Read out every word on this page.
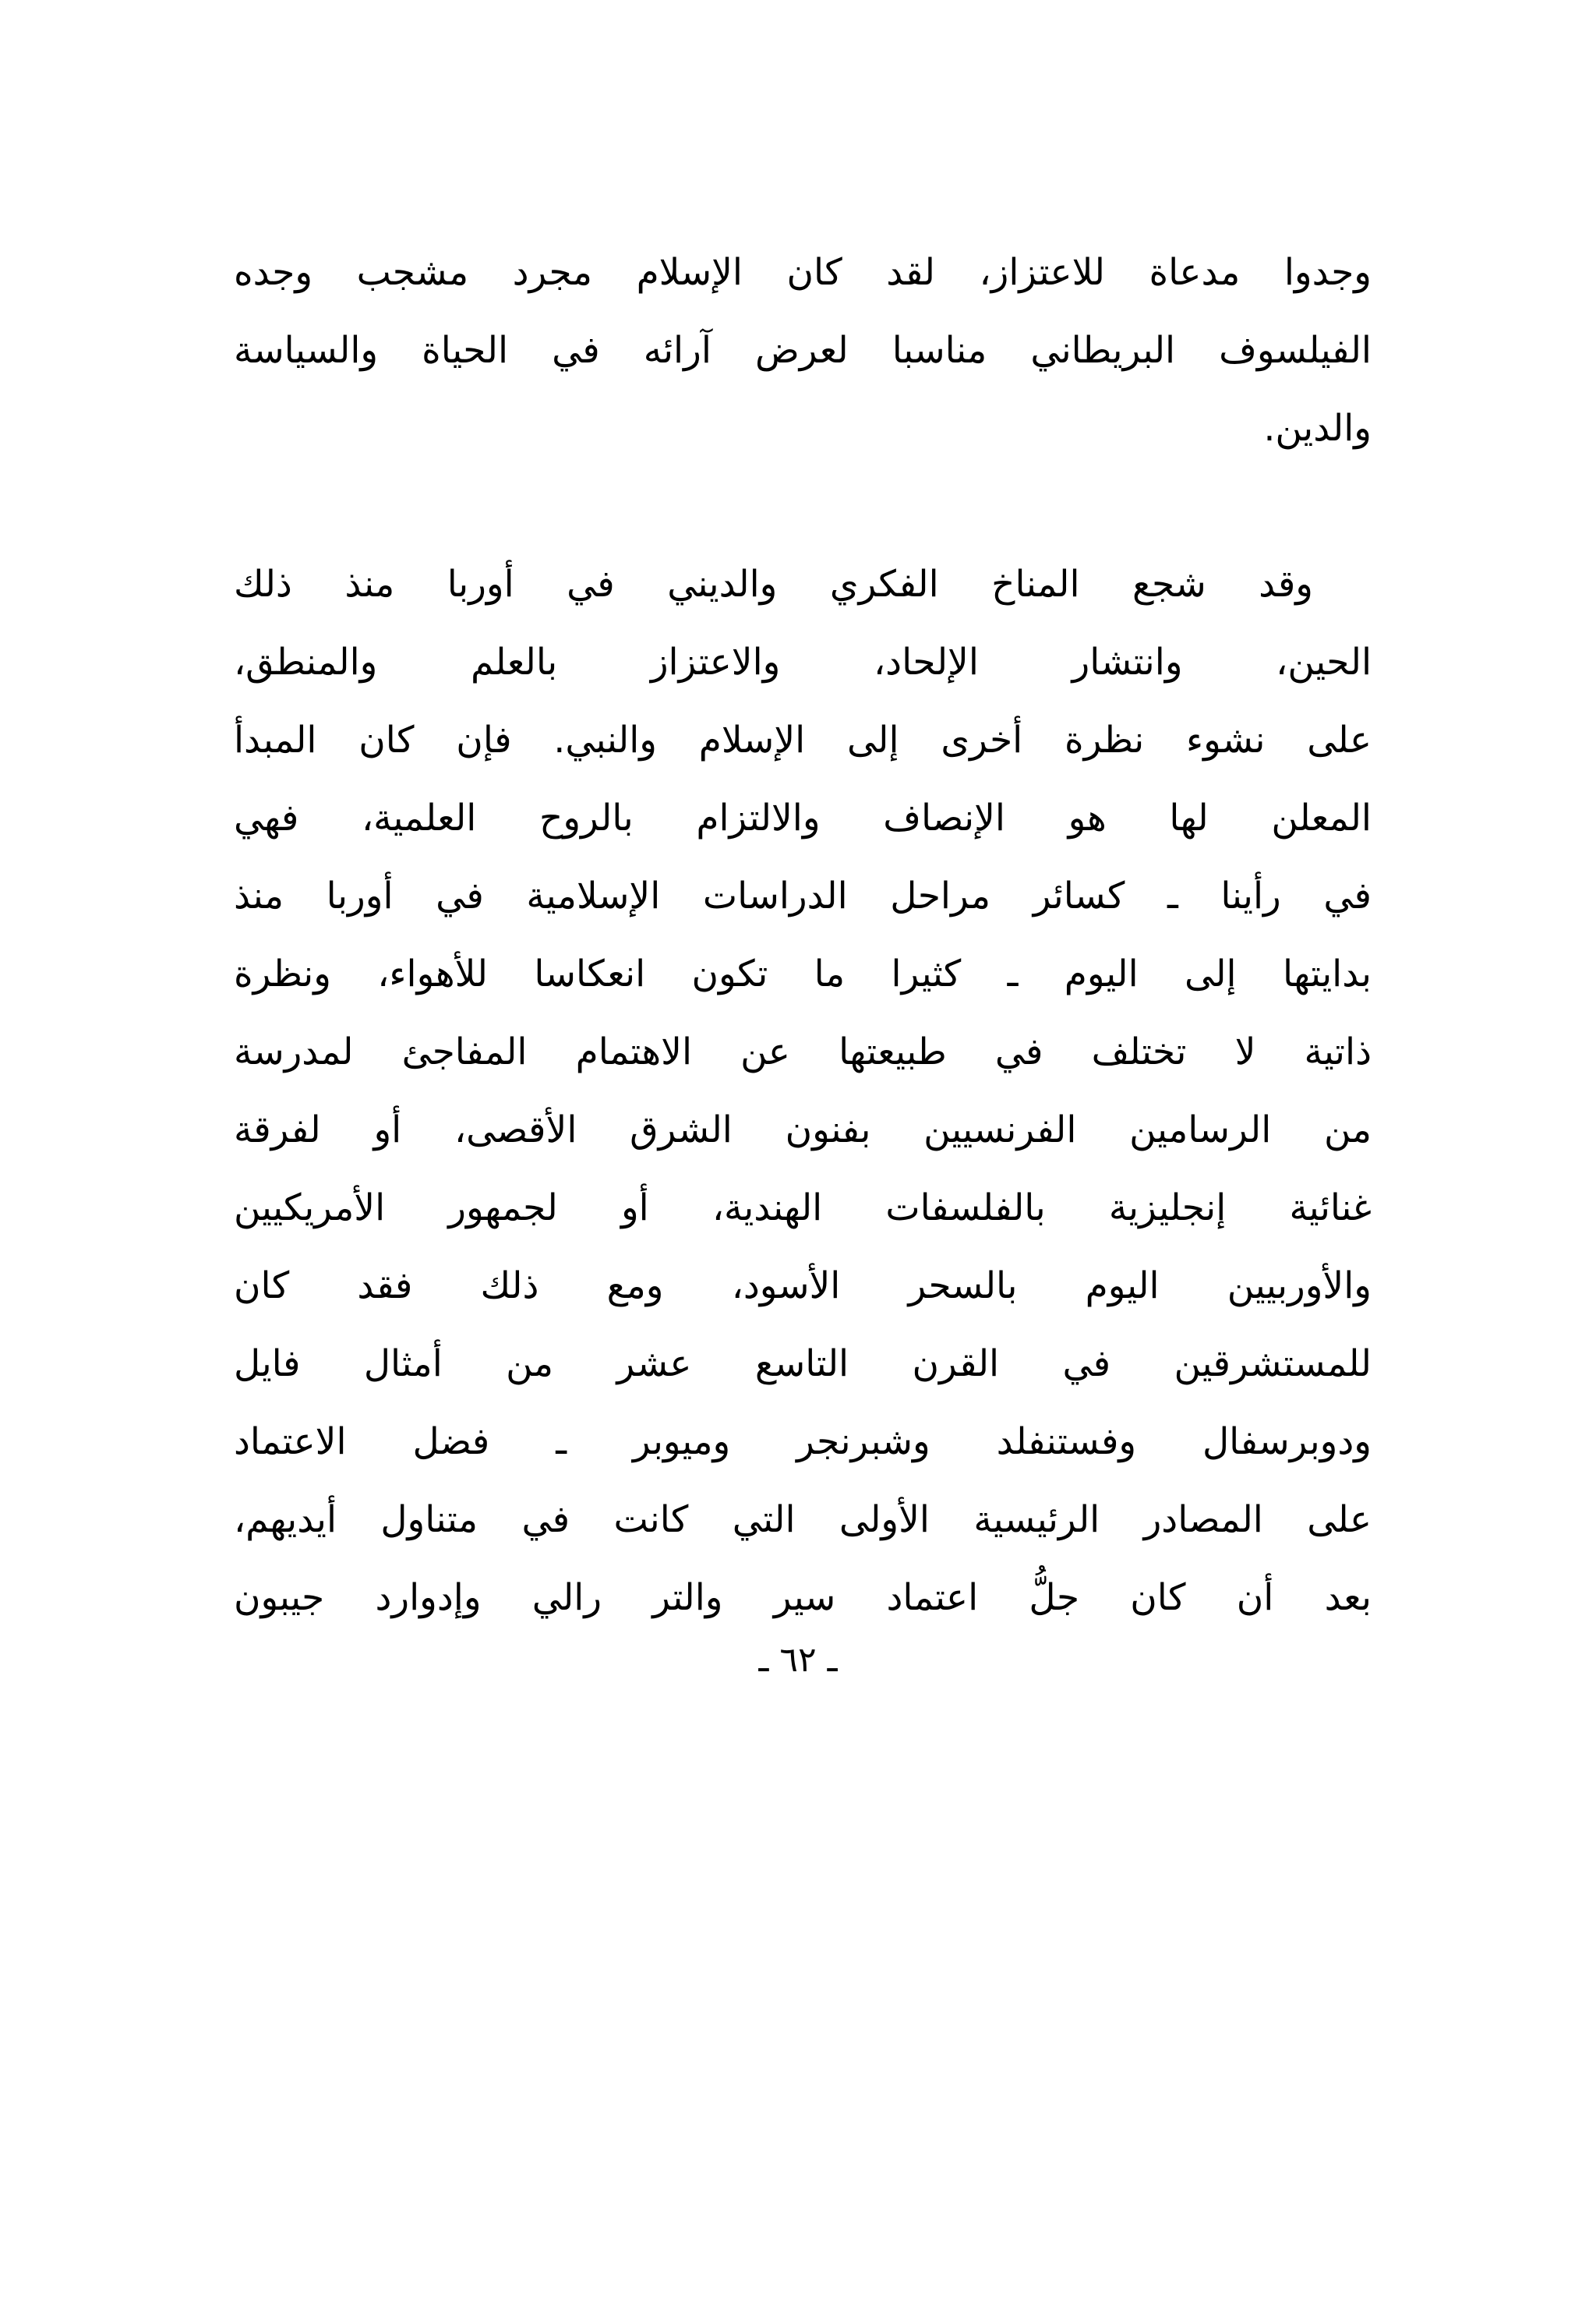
وجدوا مدعاة للاعتزاز، لقد كان الإسلام مجرد مشجب وجده
الفيلسوف البريطاني مناسبا لعرض آرائه في الحياة والسياسة
والدين.
وقد شجع المناخ الفكري والديني في أوربا منذ ذلك
الحين، وانتشار الإلحاد، والاعتزاز بالعلم والمنطق،
على نشوء نظرة أخرى إلى الإسلام والنبي. فإن كان المبدأ
المعلن لها هو الإنصاف والالتزام بالروح العلمية، فهي
في رأينا ـ كسائر مراحل الدراسات الإسلامية في أوربا منذ
بدايتها إلى اليوم ـ كثيرا ما تكون انعكاسا للأهواء، ونظرة
ذاتية لا تختلف في طبيعتها عن الاهتمام المفاجئ لمدرسة
من الرسامين الفرنسيين بفنون الشرق الأقصى، أو لفرقة
غنائية إنجليزية بالفلسفات الهندية، أو لجمهور الأمريكيين
والأوربيين اليوم بالسحر الأسود، ومع ذلك فقد كان
للمستشرقين في القرن التاسع عشر من أمثال فايل
ودوبرسفال وفستنفلد وشبرنجر وميوبر ـ فضل الاعتماد
على المصادر الرئيسية الأولى التي كانت في متناول أيديهم،
بعد أن كان جلُّ اعتماد سير والتر رالي وإدوارد جيبون
ـ ٦٢ ـ
